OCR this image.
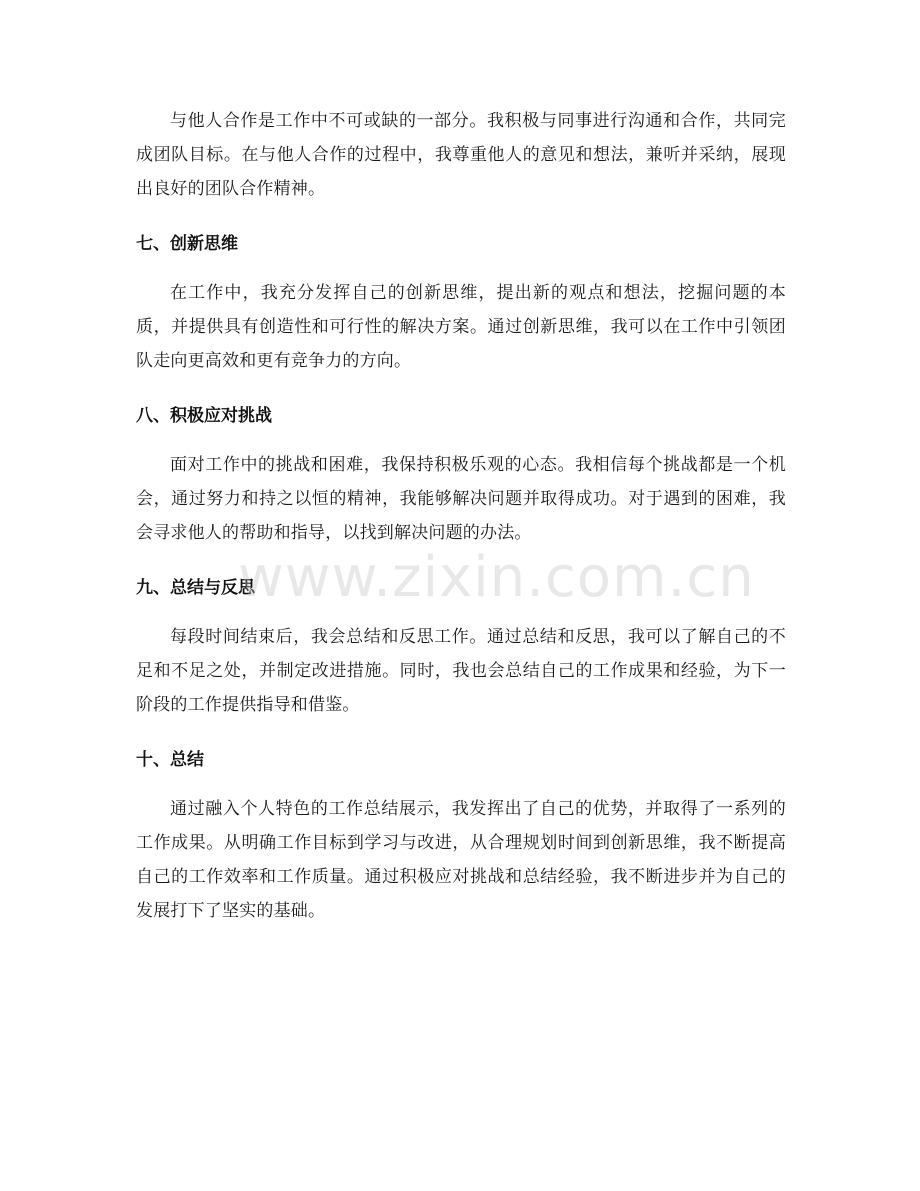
与他人合作是工作中不可或缺的一部分。我积极与同事进行沟通和合作，共同完成团队目标。在与他人合作的过程中，我尊重他人的意见和想法，兼听并采纳，展现出良好的团队合作精神。

七、创新思维

在工作中，我充分发挥自己的创新思维，提出新的观点和想法，挖掘问题的本质，并提供具有创造性和可行性的解决方案。通过创新思维，我可以在工作中引领团队走向更高效和更有竞争力的方向。

八、积极应对挑战

面对工作中的挑战和困难，我保持积极乐观的心态。我相信每个挑战都是一个机会，通过努力和持之以恒的精神，我能够解决问题并取得成功。对于遇到的困难，我会寻求他人的帮助和指导，以找到解决问题的办法。

九、总结与反思

每段时间结束后，我会总结和反思工作。通过总结和反思，我可以了解自己的不足和不足之处，并制定改进措施。同时，我也会总结自己的工作成果和经验，为下一阶段的工作提供指导和借鉴。

十、总结

通过融入个人特色的工作总结展示，我发挥出了自己的优势，并取得了一系列的工作成果。从明确工作目标到学习与改进，从合理规划时间到创新思维，我不断提高自己的工作效率和工作质量。通过积极应对挑战和总结经验，我不断进步并为自己的发展打下了坚实的基础。

www.zixin.com.cn
